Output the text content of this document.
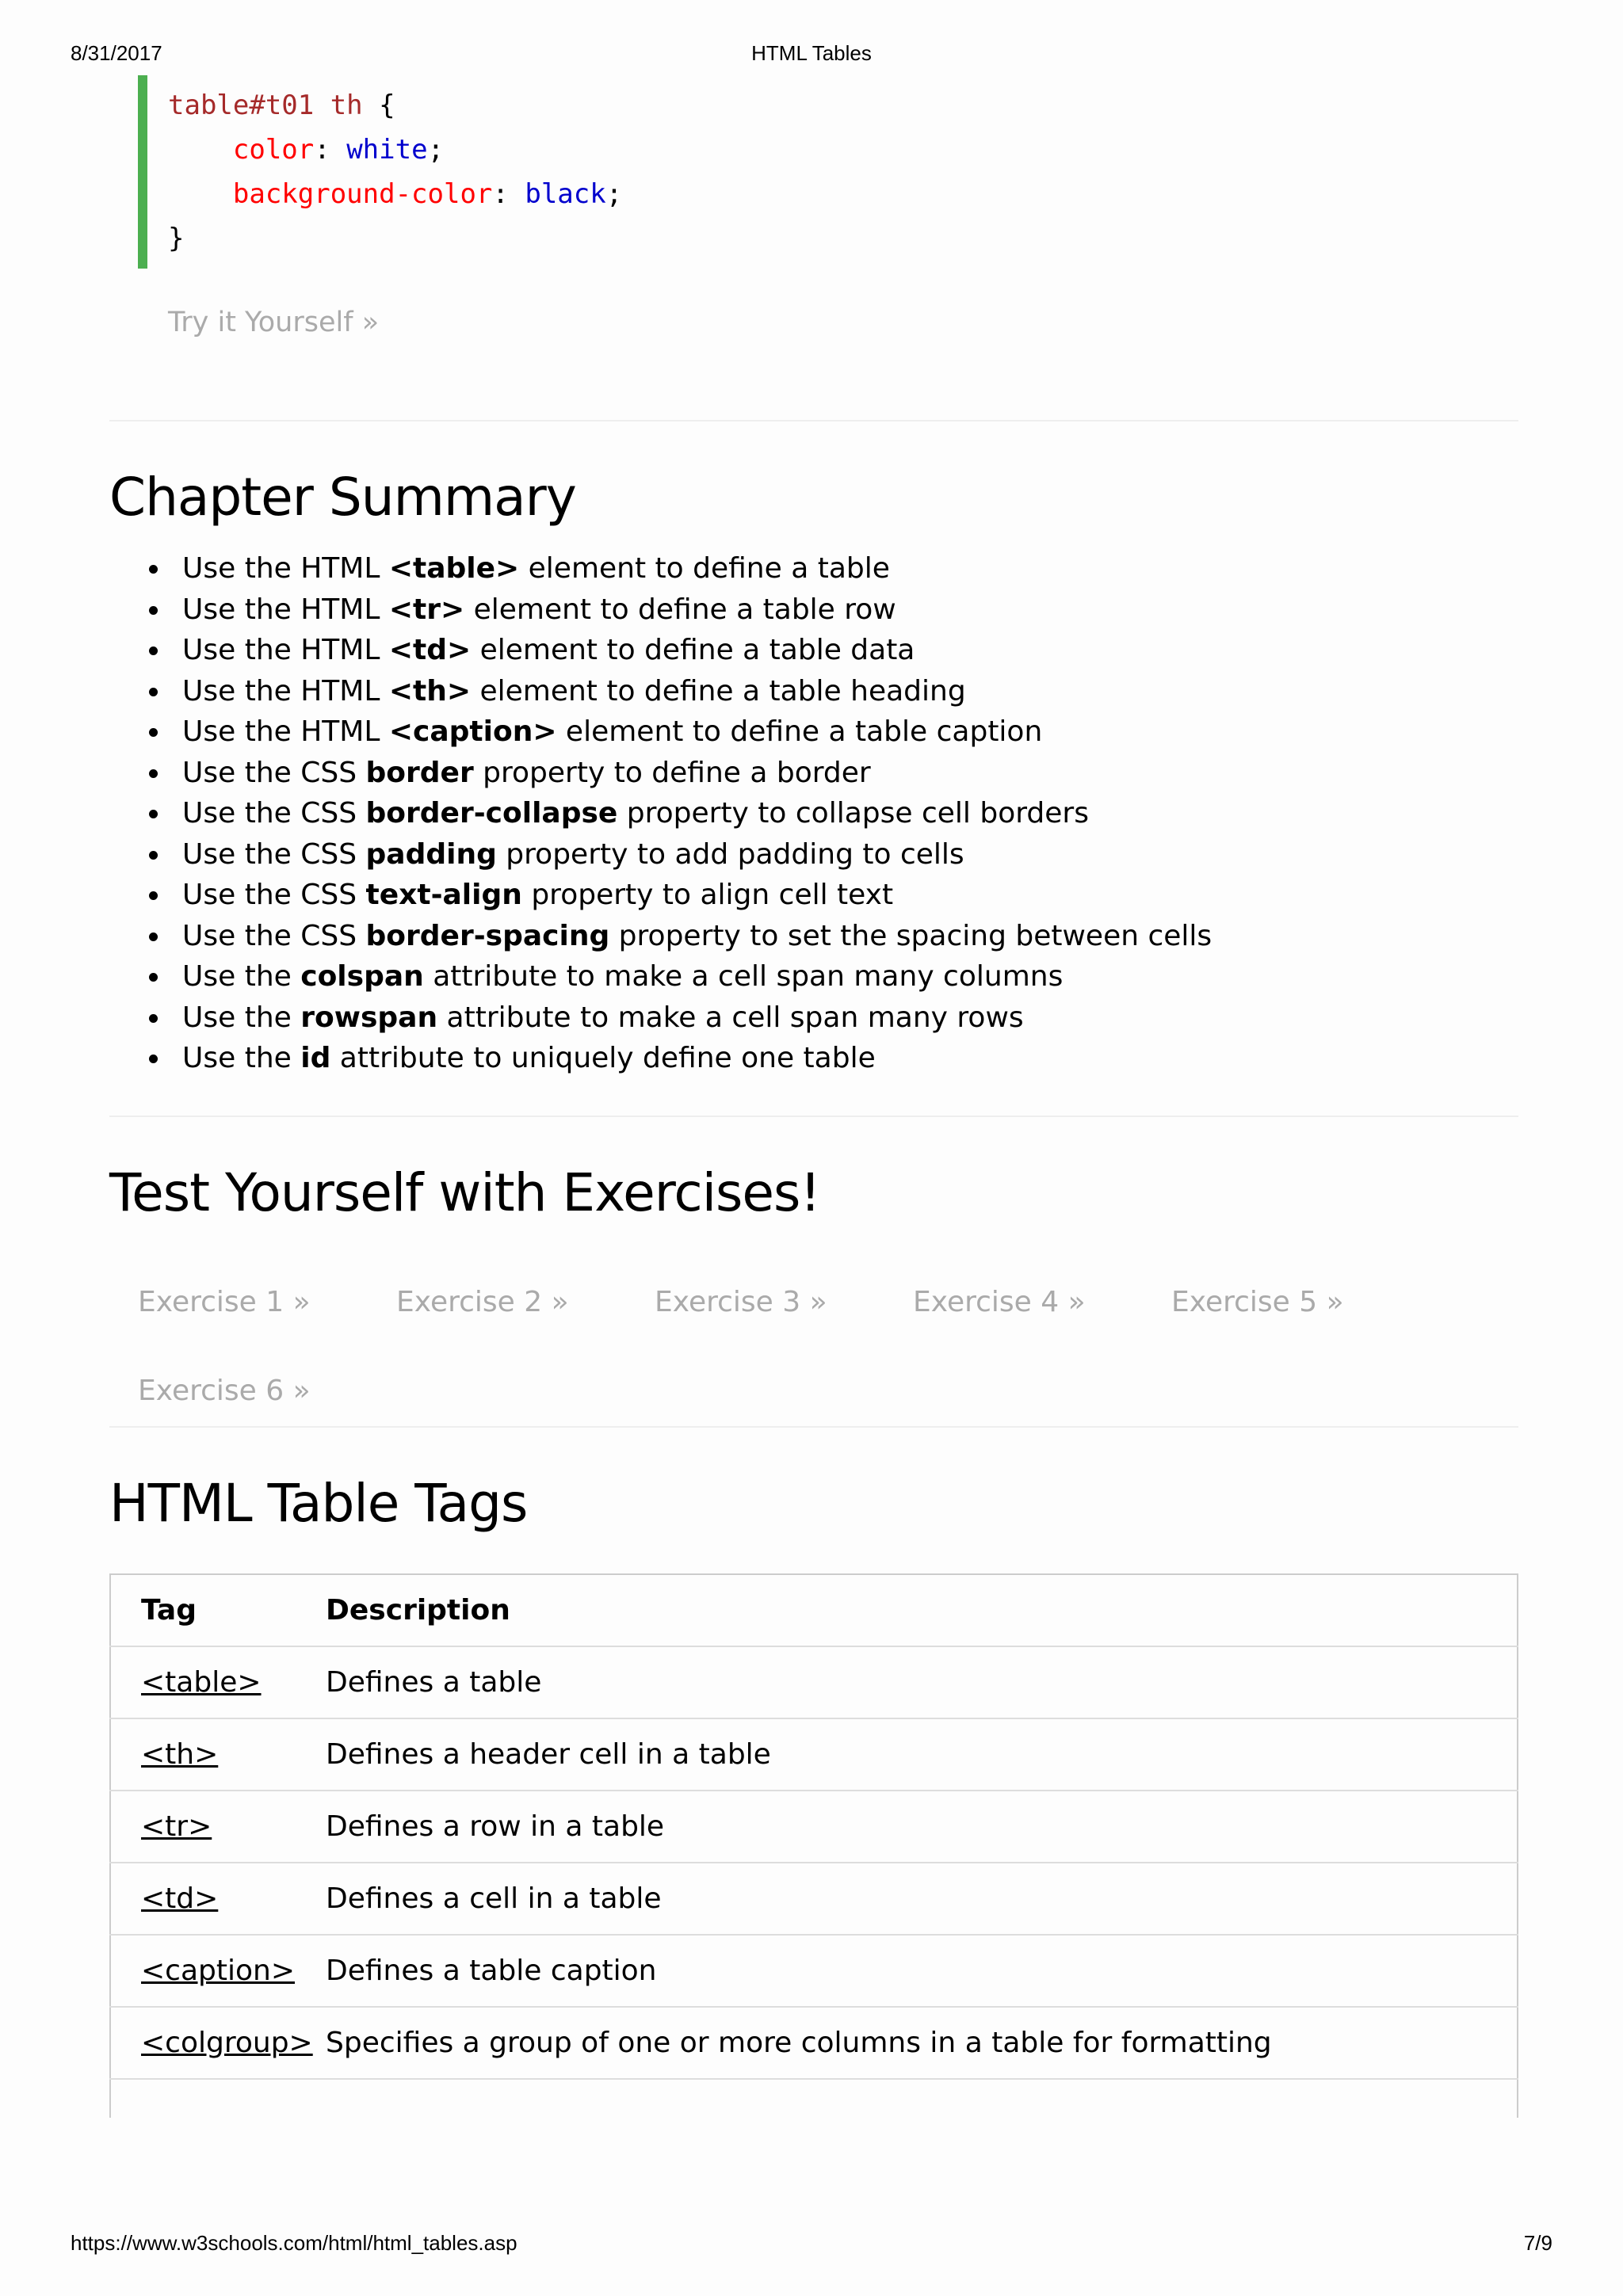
8/31/2017	HTML Tables
table#t01 th {
color: white;
background-color: black;
}
Try it Yourself »
Chapter Summary
Use the HTML <table> element to define a table
Use the HTML <tr> element to define a table row
Use the HTML <td> element to define a table data
Use the HTML <th> element to define a table heading
Use the HTML <caption> element to define a table caption
Use the CSS border property to define a border
Use the CSS border-collapse property to collapse cell borders
Use the CSS padding property to add padding to cells
Use the CSS text-align property to align cell text
Use the CSS border-spacing property to set the spacing between cells
Use the colspan attribute to make a cell span many columns
Use the rowspan attribute to make a cell span many rows
Use the id attribute to uniquely define one table
Test Yourself with Exercises!
Exercise 1 »	Exercise 2 »	Exercise 3 »	Exercise 4 »	Exercise 5 »
Exercise 6 »
HTML Table Tags
Tag	Description
<table>	Defines a table
<th>	Defines a header cell in a table
<tr>	Defines a row in a table
<td>	Defines a cell in a table
<caption>	Defines a table caption
<colgroup>	Specifies a group of one or more columns in a table for formatting
https://www.w3schools.com/html/html_tables.asp	7/9
